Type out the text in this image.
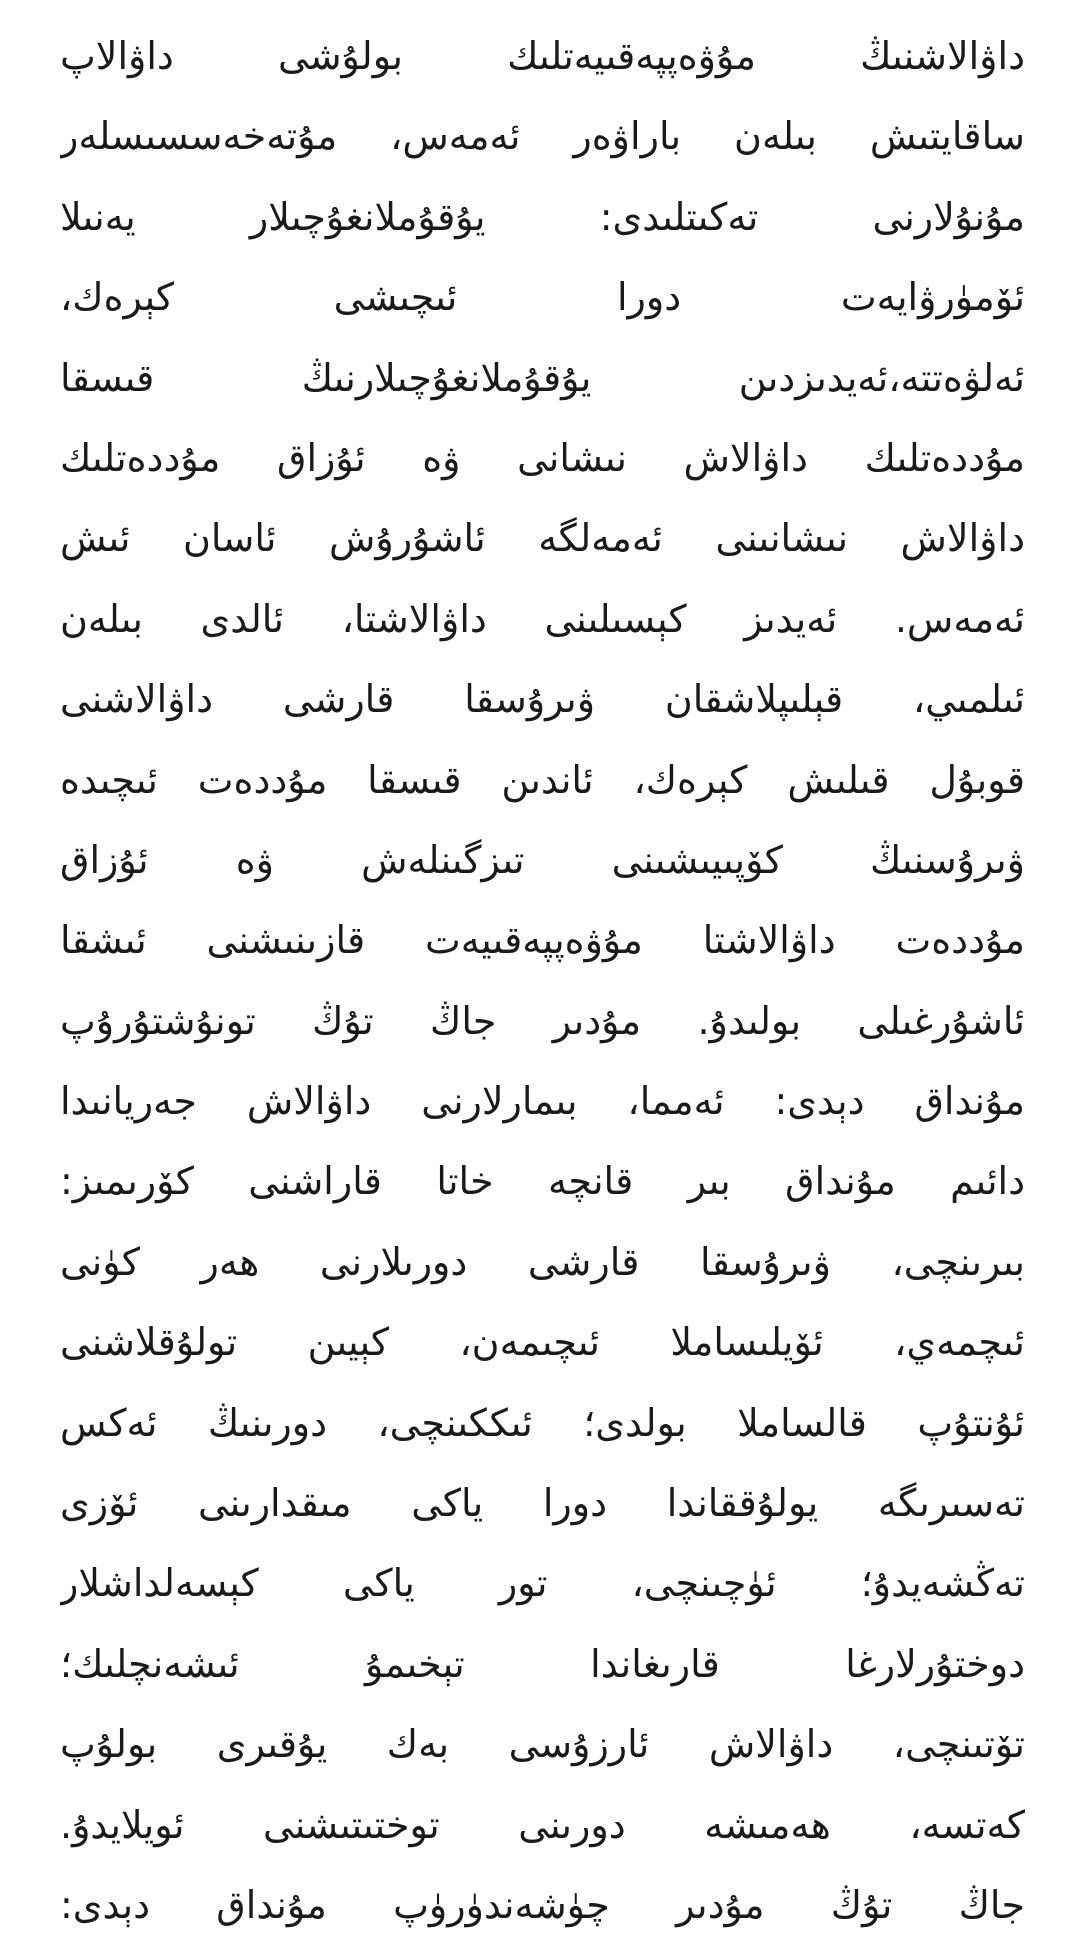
داۋالاشنىڭ مۇۋەپپەقىيەتلىك بولۇشى داۋالاپ
ساقايتىش بىلەن باراۋەر ئەمەس، مۇتەخەسسىسلەر
مۇنۇلارنى تەكىتلىدى: يۇقۇملانغۇچىلار يەنىلا
ئۆمۈرۋايەت دورا ئىچىشى كېرەك،
ئەلۋەتتە،ئەيدىزدىن يۇقۇملانغۇچىلارنىڭ قىسقا
مۇددەتلىك داۋالاش نىشانى ۋە ئۇزاق مۇددەتلىك
داۋالاش نىشانىنى ئەمەلگە ئاشۇرۇش ئاسان ئىش
ئەمەس. ئەيدىز كېسىلىنى داۋالاشتا، ئالدى بىلەن
ئىلمىي، قېلىپلاشقان ۋىرۇسقا قارشى داۋالاشنى
قوبۇل قىلىش كېرەك، ئاندىن قىسقا مۇددەت ئىچىدە
ۋىرۇسنىڭ كۆپىيىشىنى تىزگىنلەش ۋە ئۇزاق
مۇددەت داۋالاشتا مۇۋەپپەقىيەت قازىنىشنى ئىشقا
ئاشۇرغىلى بولىدۇ. مۇدىر جاڭ تۇڭ تونۇشتۇرۇپ
مۇنداق دېدى: ئەمما، بىمارلارنى داۋالاش جەريانىدا
دائىم مۇنداق بىر قانچە خاتا قاراشنى كۆرىمىز:
بىرىنچى، ۋىرۇسقا قارشى دورىلارنى ھەر كۈنى
ئىچمەي، ئۆيلىساملا ئىچىمەن، كېيىن تولۇقلاشنى
ئۇنتۇپ قالساملا بولدى؛ ئىككىنچى، دورىنىڭ ئەكس
تەسىرىگە يولۇققاندا دورا ياكى مىقدارىنى ئۆزى
تەڭشەيدۇ؛ ئۈچىنچى، تور ياكى كېسەلداشلار
دوختۇرلارغا قارىغاندا تېخىمۇ ئىشەنچلىك؛
تۆتىنچى، داۋالاش ئارزۇسى بەك يۇقىرى بولۇپ
كەتسە، ھەمىشە دورىنى توختىتىشنى ئويلايدۇ.
جاڭ تۇڭ مۇدىر چۈشەندۈرۈپ مۇنداق دېدى:
